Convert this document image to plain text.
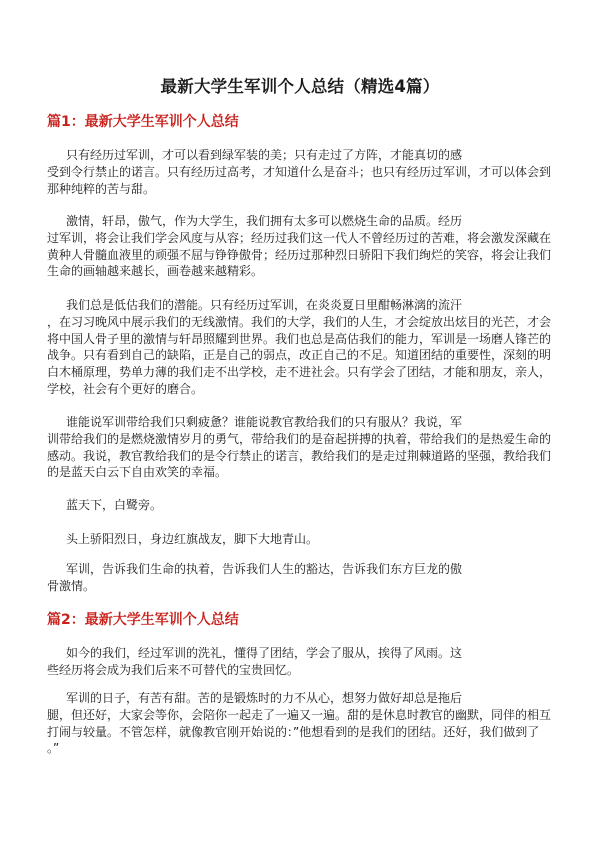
最新大学生军训个人总结（精选4篇）
篇1：最新大学生军训个人总结
只有经历过军训，才可以看到绿军装的美；只有走过了方阵，才能真切的感
受到令行禁止的诺言。只有经历过高考，才知道什么是奋斗；也只有经历过军训，才可以体会到
那种纯粹的苦与甜。
激情，轩昂，傲气，作为大学生，我们拥有太多可以燃烧生命的品质。经历
过军训，将会让我们学会风度与从容；经历过我们这一代人不曾经历过的苦难，将会激发深藏在
黄种人骨髓血液里的顽强不屈与铮铮傲骨；经历过那种烈日骄阳下我们绚烂的笑容，将会让我们
生命的画轴越来越长，画卷越来越精彩。
我们总是低估我们的潜能。只有经历过军训，在炎炎夏日里酣畅淋漓的流汗
，在习习晚风中展示我们的无线激情。我们的大学，我们的人生，才会绽放出炫目的光芒，才会
将中国人骨子里的激情与轩昂照耀到世界。我们也总是高估我们的能力，军训是一场磨人锋芒的
战争。只有看到自己的缺陷，正是自己的弱点，改正自己的不足。知道团结的重要性，深刻的明
白木桶原理，势单力薄的我们走不出学校，走不进社会。只有学会了团结，才能和朋友，亲人，
学校，社会有个更好的磨合。
谁能说军训带给我们只剩疲惫？谁能说教官教给我们的只有服从？我说，军
训带给我们的是燃烧激情岁月的勇气，带给我们的是奋起拼搏的执着，带给我们的是热爱生命的
感动。我说，教官教给我们的是令行禁止的诺言，教给我们的是走过荆棘道路的坚强，教给我们
的是蓝天白云下自由欢笑的幸福。
蓝天下，白鹭旁。
头上骄阳烈日，身边红旗战友，脚下大地青山。
军训，告诉我们生命的执着，告诉我们人生的豁达，告诉我们东方巨龙的傲
骨激情。
篇2：最新大学生军训个人总结
如今的我们，经过军训的洗礼，懂得了团结，学会了服从，挨得了风雨。这
些经历将会成为我们后来不可替代的宝贵回忆。
军训的日子，有苦有甜。苦的是锻炼时的力不从心，想努力做好却总是拖后
腿，但还好，大家会等你，会陪你一起走了一遍又一遍。甜的是休息时教官的幽默，同伴的相互
打闹与较量。不管怎样，就像教官刚开始说的：”他想看到的是我们的团结。还好，我们做到了
。”
